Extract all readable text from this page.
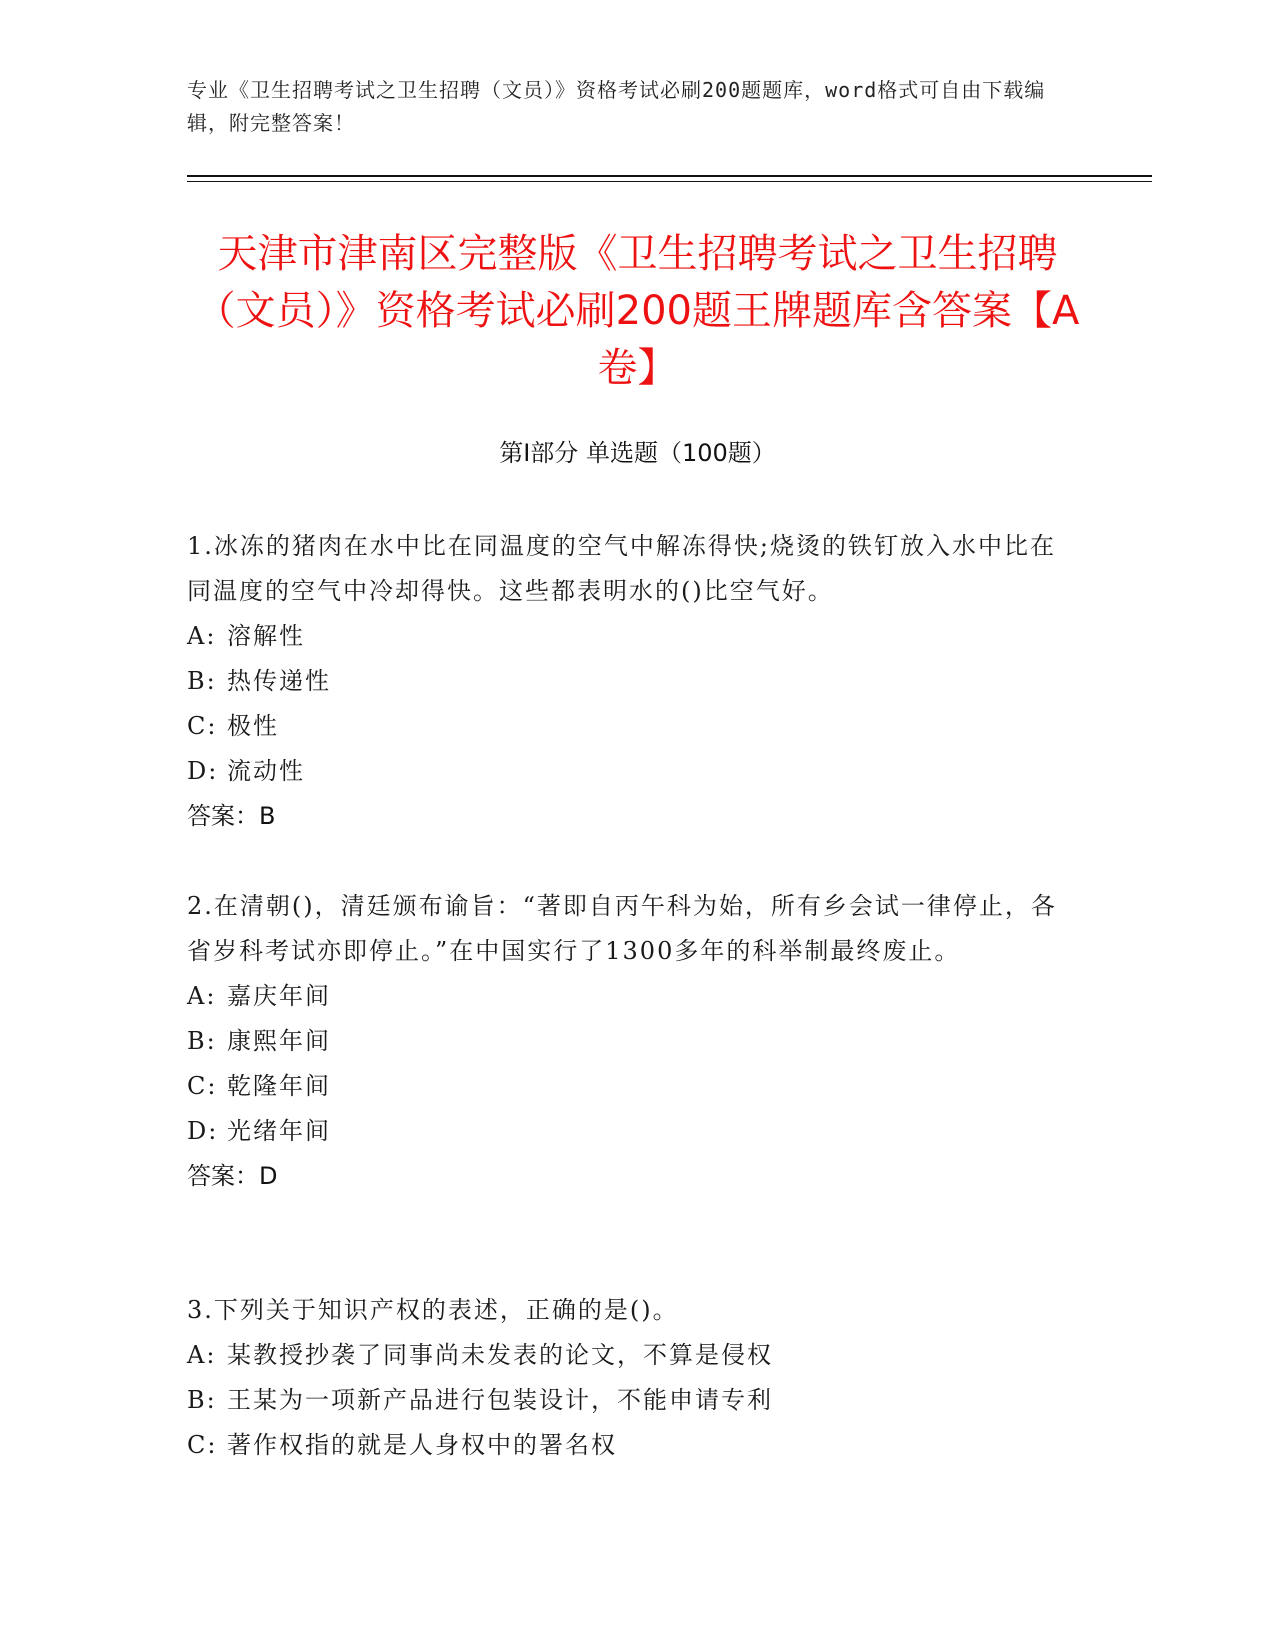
专业《卫生招聘考试之卫生招聘（文员）》资格考试必刷200题题库，word格式可自由下载编辑，附完整答案！
天津市津南区完整版《卫生招聘考试之卫生招聘（文员）》资格考试必刷200题王牌题库含答案【A卷】
第I部分 单选题（100题）
1.冰冻的猪肉在水中比在同温度的空气中解冻得快;烧烫的铁钉放入水中比在同温度的空气中冷却得快。这些都表明水的()比空气好。
A: 溶解性
B: 热传递性
C: 极性
D: 流动性
答案：B
2.在清朝()，清廷颁布谕旨：“著即自丙午科为始，所有乡会试一律停止，各省岁科考试亦即停止。”在中国实行了1300多年的科举制最终废止。
A: 嘉庆年间
B: 康熙年间
C: 乾隆年间
D: 光绪年间
答案：D
3.下列关于知识产权的表述，正确的是()。
A: 某教授抄袭了同事尚未发表的论文，不算是侵权
B: 王某为一项新产品进行包装设计，不能申请专利
C: 著作权指的就是人身权中的署名权
